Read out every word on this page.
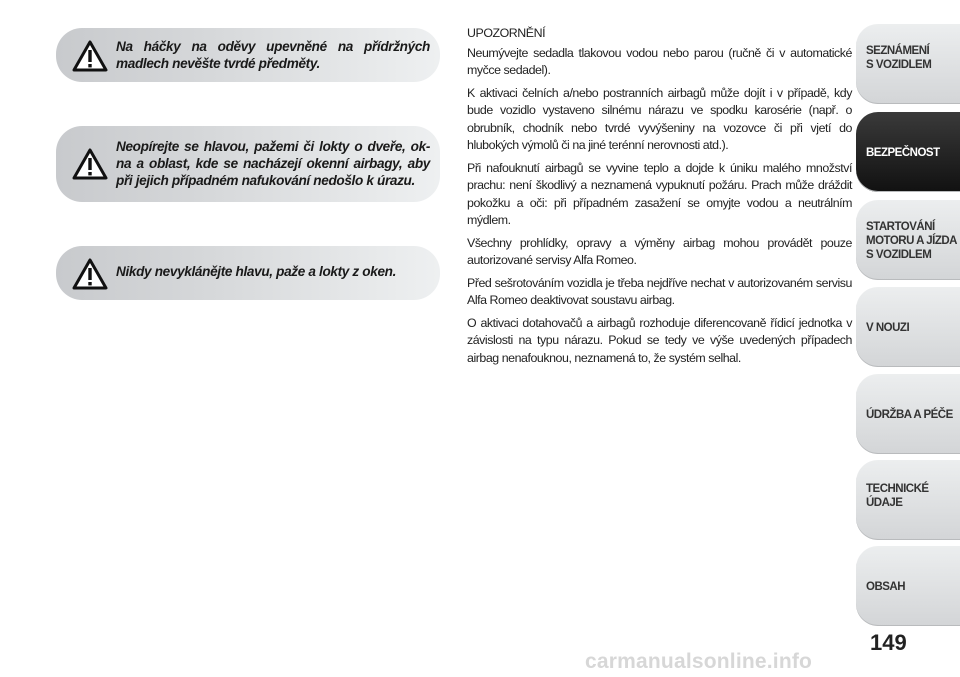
Na háčky na oděvy upevněné na přídržných madlech nevěšte tvrdé předměty.
Neopírejte se hlavou, pažemi či lokty o dveře, ok-na a oblast, kde se nacházejí okenní airbagy, aby při jejich případném nafukování nedošlo k úrazu.
Nikdy nevyklánějte hlavu, paže a lokty z oken.
UPOZORNĚNÍ

Neumývejte sedadla tlakovou vodou nebo parou (ručně či v automatické myčce sedadel).

K aktivaci čelních a/nebo postranních airbagů může dojít i v případě, kdy bude vozidlo vystaveno silnému nárazu ve spodku karosérie (např. o obrubník, chodník nebo tvrdé vyvýšeniny na vozovce či při vjetí do hlubokých výmolů či na jiné terénní nerovnosti atd.).

Při nafouknutí airbagů se vyvine teplo a dojde k úniku malého množství prachu: není škodlivý a neznamená vypuknutí požáru. Prach může dráždit pokožku a oči: při případném zasažení se omyjte vodou a neutrálním mýdlem.

Všechny prohlídky, opravy a výměny airbag mohou provádět pouze autorizované servisy Alfa Romeo.

Před sešrotováním vozidla je třeba nejdříve nechat v autorizovaném servisu Alfa Romeo deaktivovat soustavu airbag.

O aktivaci dotahovačů a airbagů rozhoduje diferencovaně řídicí jednotka v závislosti na typu nárazu. Pokud se tedy ve výše uvedených případech airbag nenafouknou, neznamená to, že systém selhal.

SEZNÁMENÍ
S VOZIDLEM
BEZPEČNOST
STARTOVÁNÍ
MOTORU A JÍZDA
S VOZIDLEM
V NOUZI
ÚDRŽBA A PÉČE
TECHNICKÉ
ÚDAJE
OBSAH
149
carmanualsonline.info
